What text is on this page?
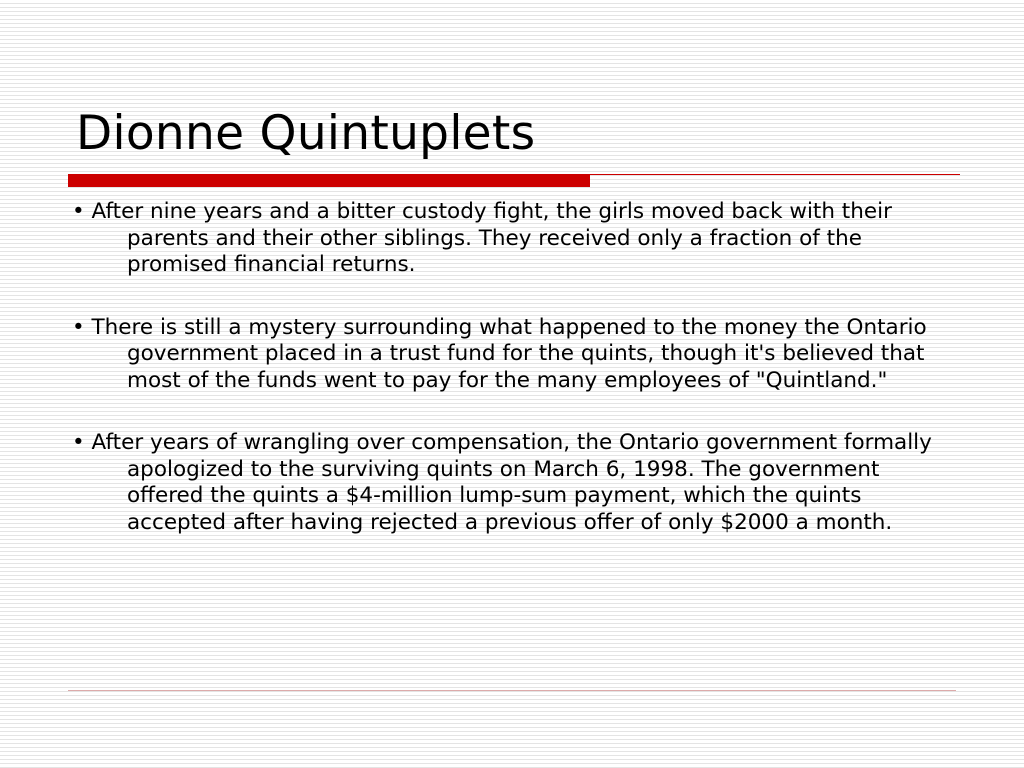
Dionne Quintuplets
• After nine years and a bitter custody fight, the girls moved back with their parents and their other siblings. They received only a fraction of the promised financial returns.
• There is still a mystery surrounding what happened to the money the Ontario government placed in a trust fund for the quints, though it's believed that most of the funds went to pay for the many employees of "Quintland."
• After years of wrangling over compensation, the Ontario government formally apologized to the surviving quints on March 6, 1998. The government offered the quints a $4-million lump-sum payment, which the quints accepted after having rejected a previous offer of only $2000 a month.
